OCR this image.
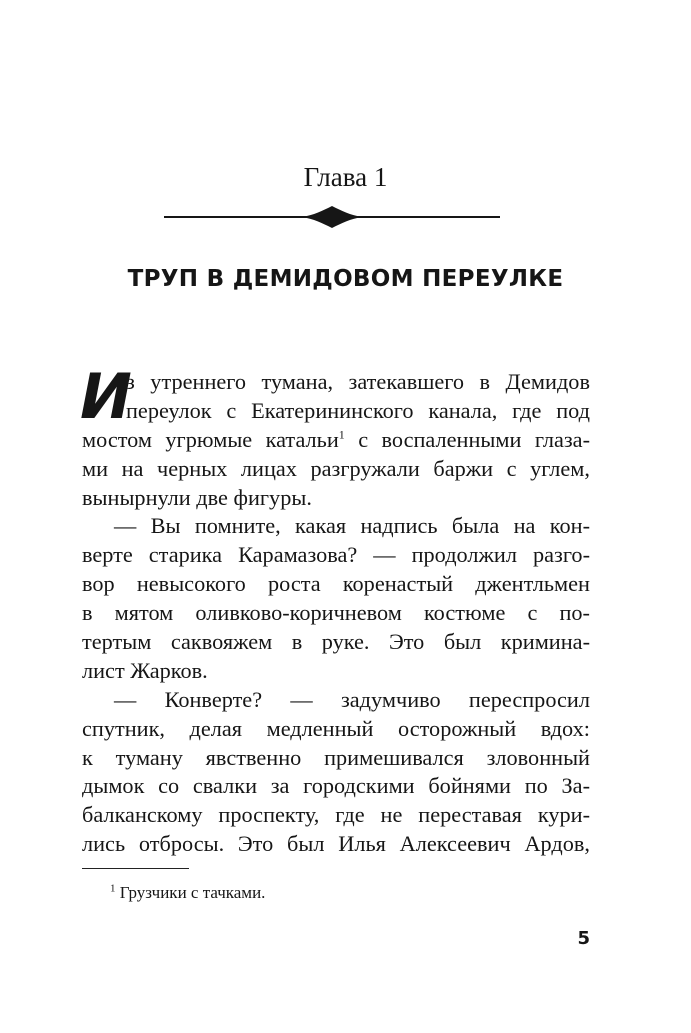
Глава 1
ТРУП В ДЕМИДОВОМ ПЕРЕУЛКЕ
И
з утреннего тумана, затекавшего в Демидов
переулок с Екатерининского канала, где под
мостом угрюмые катальи$^1$ с воспаленными глаза-
ми на черных лицах разгружали баржи с углем,
вынырнули две фигуры.
— Вы помните, какая надпись была на кон-
верте старика Карамазова? — продолжил разго-
вор невысокого роста коренастый джентльмен
в мятом оливково-коричневом костюме с по-
тертым саквояжем в руке. Это был кримина-
лист Жарков.
— Конверте? — задумчиво переспросил
спутник, делая медленный осторожный вдох:
к туману явственно примешивался зловонный
дымок со свалки за городскими бойнями по За-
балканскому проспекту, где не переставая кури-
лись отбросы. Это был Илья Алексеевич Ардов,
$^1$ Грузчики с тачками.
5
